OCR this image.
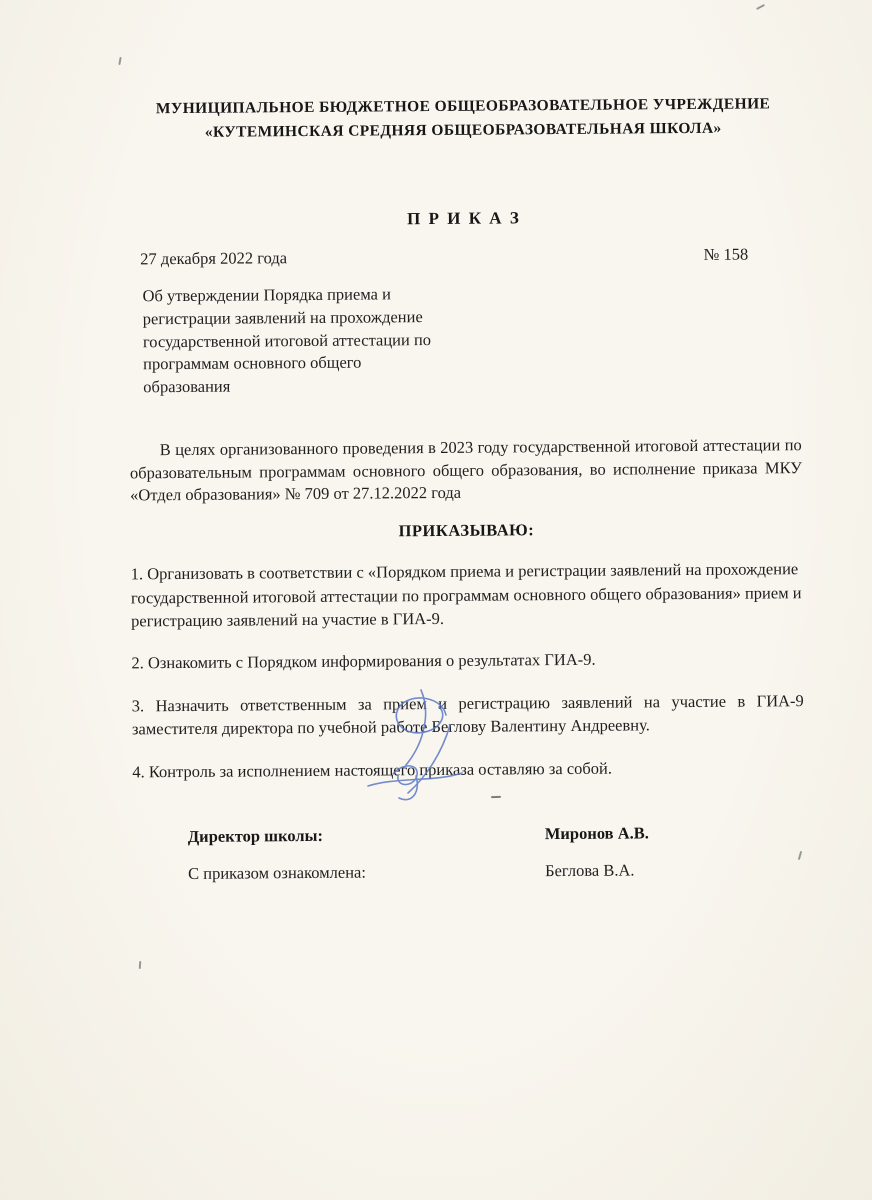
МУНИЦИПАЛЬНОЕ БЮДЖЕТНОЕ ОБЩЕОБРАЗОВАТЕЛЬНОЕ УЧРЕЖДЕНИЕ
«КУТЕМИНСКАЯ СРЕДНЯЯ ОБЩЕОБРАЗОВАТЕЛЬНАЯ ШКОЛА»
П Р И К А З
27 декабря 2022 года	№ 158
Об утверждении Порядка приема и
регистрации заявлений на прохождение
государственной итоговой аттестации по
программам основного общего
образования

В целях организованного проведения в 2023 году государственной итоговой аттестации по образовательным программам основного общего образования, во исполнение приказа МКУ «Отдел образования» № 709 от 27.12.2022 года

ПРИКАЗЫВАЮ:

1. Организовать в соответствии с «Порядком приема и регистрации заявлений на прохождение государственной итоговой аттестации по программам основного общего образования» прием и регистрацию заявлений на участие в ГИА-9.

2. Ознакомить с Порядком информирования о результатах ГИА-9.

3. Назначить ответственным за прием и регистрацию заявлений на участие в ГИА-9 заместителя директора по учебной работе Беглову Валентину Андреевну.

4. Контроль за исполнением настоящего приказа оставляю за собой.

Директор школы:	Миронов А.В.
С приказом ознакомлена:	Беглова В.А.
